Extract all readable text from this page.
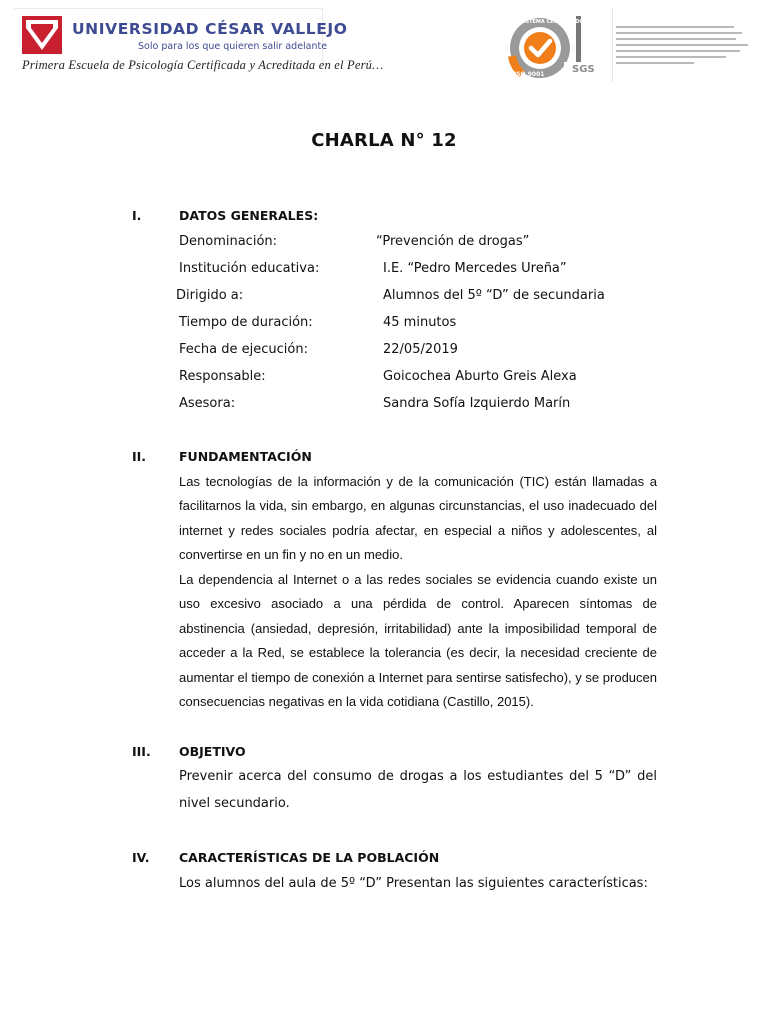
UNIVERSIDAD CÉSAR VALLEJO
Solo para los que quieren salir adelante
Primera Escuela de Psicología Certificada y Acreditada en el Perú…	SGS
ISO 9001
SISTEMA CERTIFICADO
CHARLA N° 12
I.	DATOS GENERALES:
Denominación:	“Prevención de drogas”
Institución educativa:	I.E. “Pedro Mercedes Ureña”
Dirigido a:	Alumnos del 5º “D” de secundaria
Tiempo de duración:	45 minutos
Fecha de ejecución:	22/05/2019
Responsable:	Goicochea Aburto Greis Alexa
Asesora:	Sandra Sofía Izquierdo Marín
II.	FUNDAMENTACIÓN
Las tecnologías de la información y de la comunicación (TIC) están llamadas a facilitarnos la vida, sin embargo, en algunas circunstancias, el uso inadecuado del internet y redes sociales podría afectar, en especial a niños y adolescentes, al convertirse en un fin y no en un medio.
La dependencia al Internet o a las redes sociales se evidencia cuando existe un uso excesivo asociado a una pérdida de control. Aparecen síntomas de abstinencia (ansiedad, depresión, irritabilidad) ante la imposibilidad temporal de acceder a la Red, se establece la tolerancia (es decir, la necesidad creciente de aumentar el tiempo de conexión a Internet para sentirse satisfecho), y se producen consecuencias negativas en la vida cotidiana (Castillo, 2015).
III. OBJETIVO
Prevenir acerca del consumo de drogas a los estudiantes del 5 “D” del nivel secundario.
IV. CARACTERÍSTICAS DE LA POBLACIÓN
Los alumnos del aula de 5º “D” Presentan las siguientes características:
